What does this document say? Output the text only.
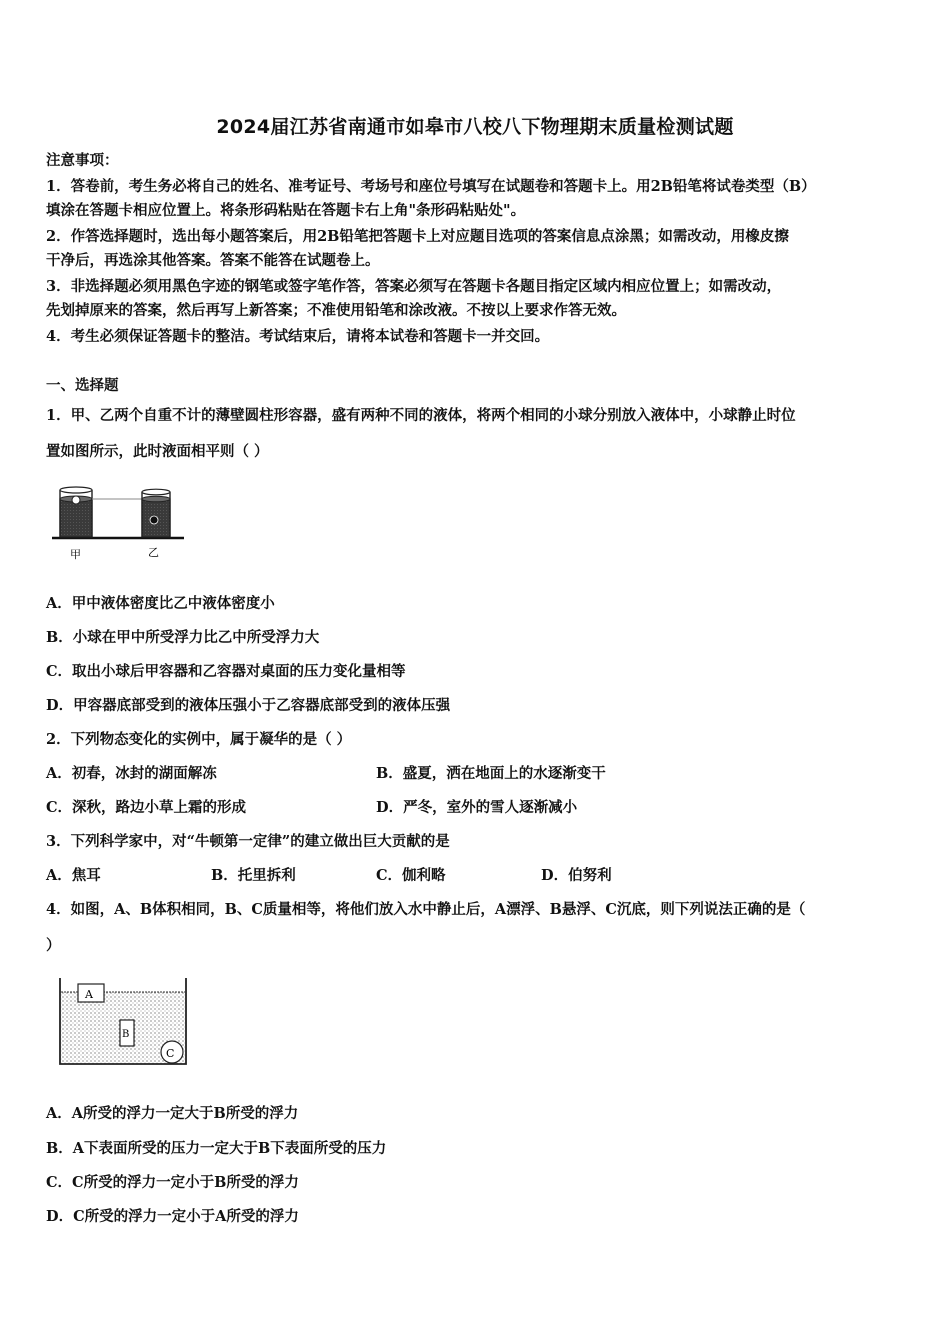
2024届江苏省南通市如皋市八校八下物理期末质量检测试题
注意事项：
1．答卷前，考生务必将自己的姓名、准考证号、考场号和座位号填写在试题卷和答题卡上。用2B铅笔将试卷类型（B）
填涂在答题卡相应位置上。将条形码粘贴在答题卡右上角"条形码粘贴处"。
2．作答选择题时，选出每小题答案后，用2B铅笔把答题卡上对应题目选项的答案信息点涂黑；如需改动，用橡皮擦
干净后，再选涂其他答案。答案不能答在试题卷上。
3．非选择题必须用黑色字迹的钢笔或签字笔作答，答案必须写在答题卡各题目指定区域内相应位置上；如需改动，
先划掉原来的答案，然后再写上新答案；不准使用铅笔和涂改液。不按以上要求作答无效。
4．考生必须保证答题卡的整洁。考试结束后，请将本试卷和答题卡一并交回。
一、选择题
1．甲、乙两个自重不计的薄壁圆柱形容器，盛有两种不同的液体，将两个相同的小球分别放入液体中，小球静止时位
置如图所示，此时液面相平则（ ）
甲	乙
A．甲中液体密度比乙中液体密度小
B．小球在甲中所受浮力比乙中所受浮力大
C．取出小球后甲容器和乙容器对桌面的压力变化量相等
D．甲容器底部受到的液体压强小于乙容器底部受到的液体压强
2．下列物态变化的实例中，属于凝华的是（ ）
A．初春，冰封的湖面解冻	B．盛夏，洒在地面上的水逐渐变干
C．深秋，路边小草上霜的形成	D．严冬，室外的雪人逐渐减小
3．下列科学家中，对“牛顿第一定律”的建立做出巨大贡献的是
A．焦耳	B．托里拆利	C．伽利略	D．伯努利
4．如图，A、B体积相同，B、C质量相等，将他们放入水中静止后，A漂浮、B悬浮、C沉底，则下列说法正确的是（
）
A
B
C
A．A所受的浮力一定大于B所受的浮力
B．A下表面所受的压力一定大于B下表面所受的压力
C．C所受的浮力一定小于B所受的浮力
D．C所受的浮力一定小于A所受的浮力
